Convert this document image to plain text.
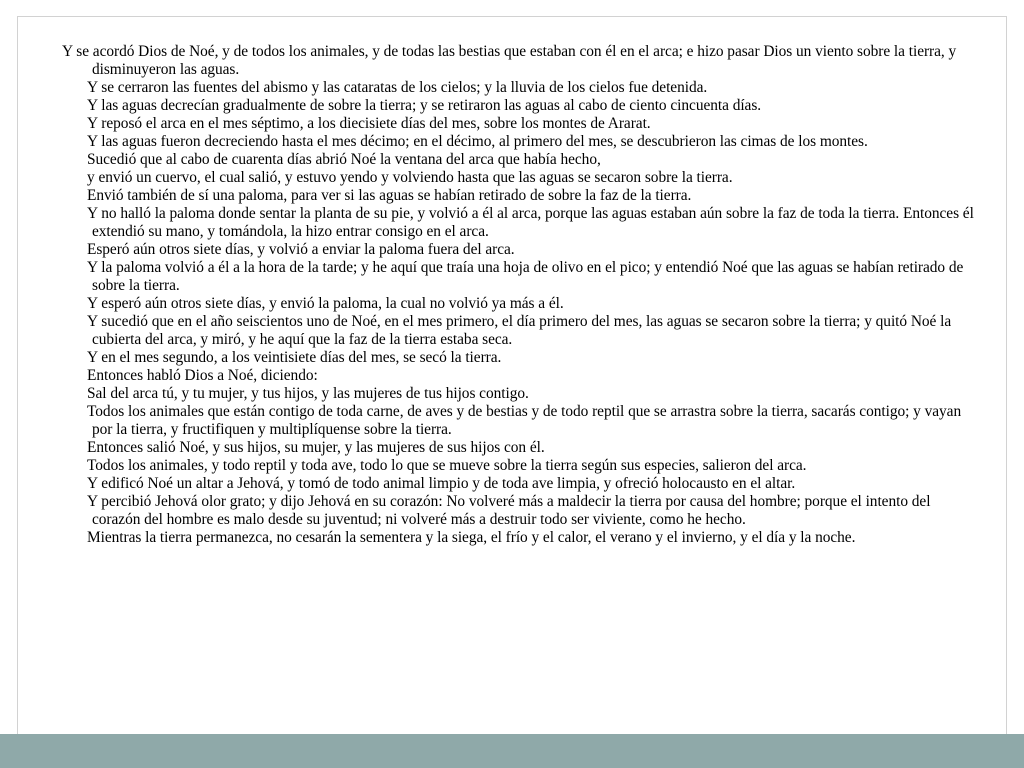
Y se acordó Dios de Noé, y de todos los animales, y de todas las bestias que estaban con él en el arca; e hizo pasar Dios un viento sobre la tierra, y disminuyeron las aguas.

Y se cerraron las fuentes del abismo y las cataratas de los cielos; y la lluvia de los cielos fue detenida.

Y las aguas decrecían gradualmente de sobre la tierra; y se retiraron las aguas al cabo de ciento cincuenta días.

Y reposó el arca en el mes séptimo, a los diecisiete días del mes, sobre los montes de Ararat.

Y las aguas fueron decreciendo hasta el mes décimo; en el décimo, al primero del mes, se descubrieron las cimas de los montes.

Sucedió que al cabo de cuarenta días abrió Noé la ventana del arca que había hecho,

y envió un cuervo, el cual salió, y estuvo yendo y volviendo hasta que las aguas se secaron sobre la tierra.

Envió también de sí una paloma, para ver si las aguas se habían retirado de sobre la faz de la tierra.

Y no halló la paloma donde sentar la planta de su pie, y volvió a él al arca, porque las aguas estaban aún sobre la faz de toda la tierra. Entonces él extendió su mano, y tomándola, la hizo entrar consigo en el arca.

Esperó aún otros siete días, y volvió a enviar la paloma fuera del arca.

Y la paloma volvió a él a la hora de la tarde; y he aquí que traía una hoja de olivo en el pico; y entendió Noé que las aguas se habían retirado de sobre la tierra.

Y esperó aún otros siete días, y envió la paloma, la cual no volvió ya más a él.

Y sucedió que en el año seiscientos uno de Noé, en el mes primero, el día primero del mes, las aguas se secaron sobre la tierra; y quitó Noé la cubierta del arca, y miró, y he aquí que la faz de la tierra estaba seca.

Y en el mes segundo, a los veintisiete días del mes, se secó la tierra.

Entonces habló Dios a Noé, diciendo:

Sal del arca tú, y tu mujer, y tus hijos, y las mujeres de tus hijos contigo.

Todos los animales que están contigo de toda carne, de aves y de bestias y de todo reptil que se arrastra sobre la tierra, sacarás contigo; y vayan por la tierra, y fructifiquen y multiplíquense sobre la tierra.

Entonces salió Noé, y sus hijos, su mujer, y las mujeres de sus hijos con él.

Todos los animales, y todo reptil y toda ave, todo lo que se mueve sobre la tierra según sus especies, salieron del arca.

Y edificó Noé un altar a Jehová, y tomó de todo animal limpio y de toda ave limpia, y ofreció holocausto en el altar.

Y percibió Jehová olor grato; y dijo Jehová en su corazón: No volveré más a maldecir la tierra por causa del hombre; porque el intento del corazón del hombre es malo desde su juventud; ni volveré más a destruir todo ser viviente, como he hecho.

Mientras la tierra permanezca, no cesarán la sementera y la siega, el frío y el calor, el verano y el invierno, y el día y la noche.
